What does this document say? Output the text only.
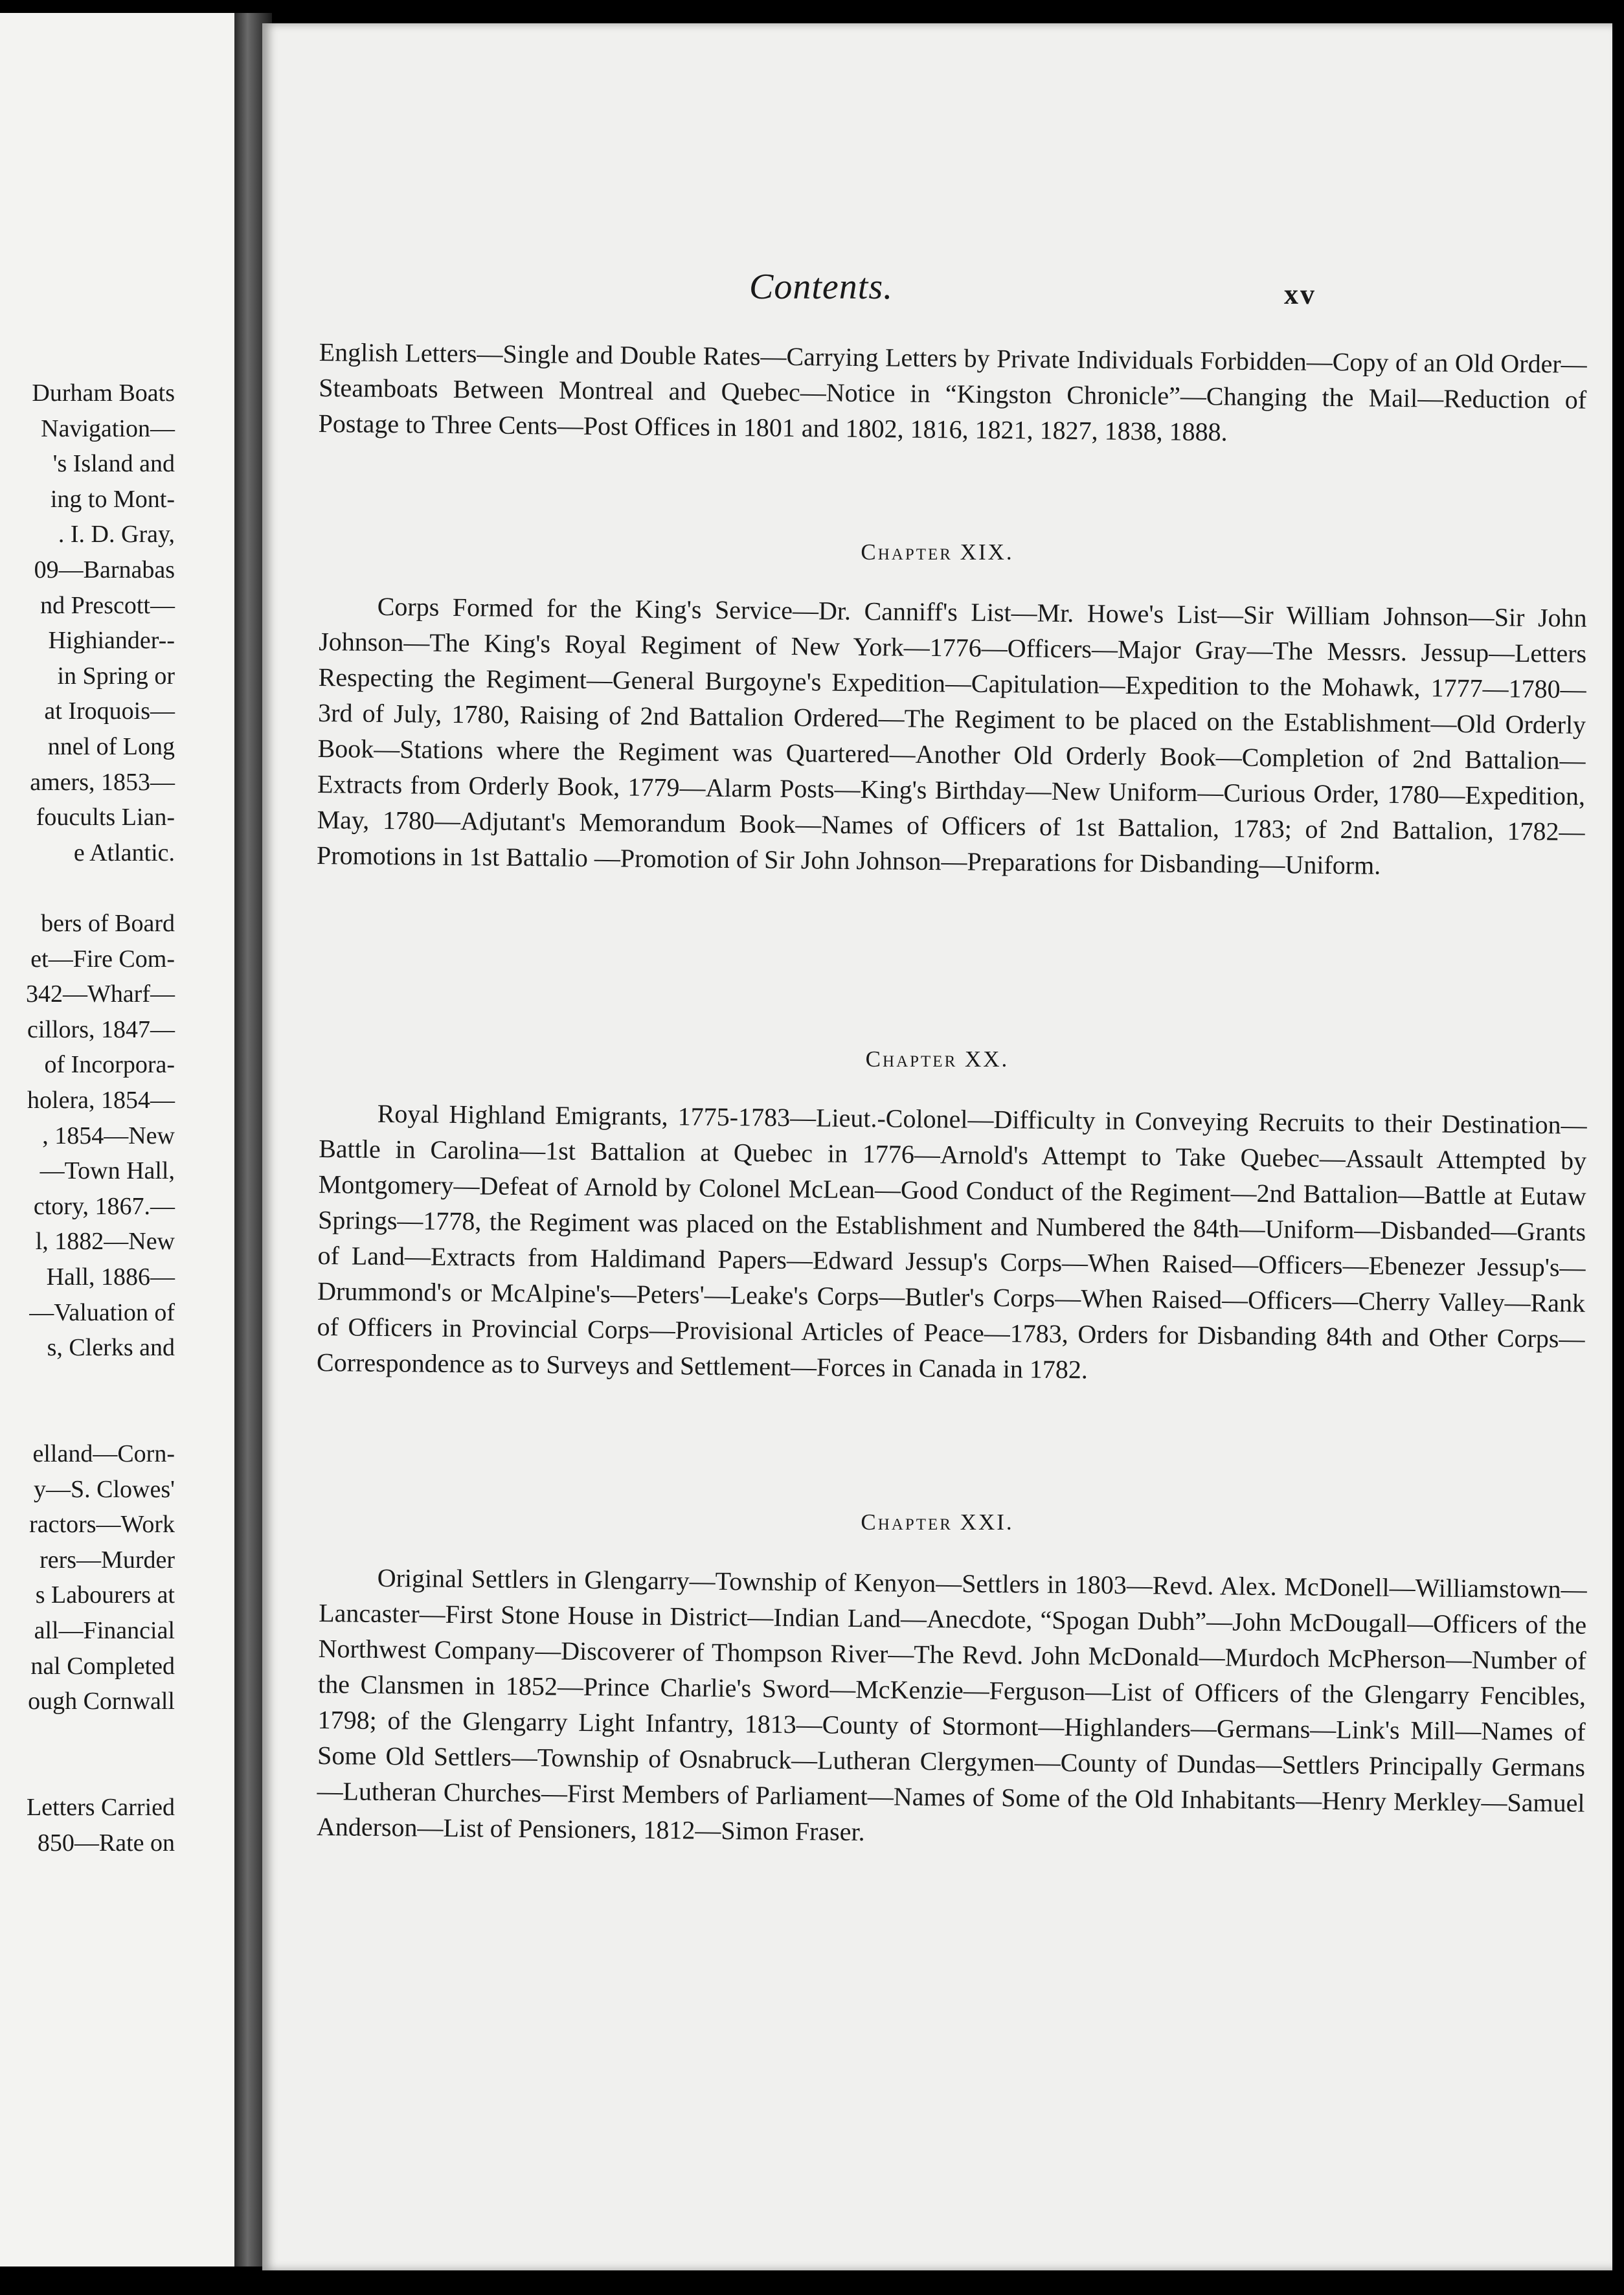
Durham Boats
Navigation—
's Island and
ing to Mont-
. I. D. Gray,
09—Barnabas
nd Prescott—
Highiander--
in Spring or
at Iroquois—
nnel of Long
amers, 1853—
foucults Lian-
e Atlantic.
bers of Board
et—Fire Com-
342—Wharf—
cillors, 1847—
of Incorpora-
holera, 1854—
, 1854—New
—Town Hall,
ctory, 1867.—
l, 1882—New
Hall, 1886—
—Valuation of
s, Clerks and
elland—Corn-
y—S. Clowes'
ractors—Work
rers—Murder
s Labourers at
all—Financial
nal Completed
ough Cornwall
Letters Carried
850—Rate on
Contents.	xv

English Letters—Single and Double Rates—Carrying Letters by Private Individuals Forbidden—Copy of an Old Order—Steamboats Between Montreal and Quebec—Notice in “Kingston Chronicle”—Changing the Mail—Reduction of Postage to Three Cents—Post Offices in 1801 and 1802, 1816, 1821, 1827, 1838, 1888.

Chapter XIX.

Corps Formed for the King's Service—Dr. Canniff's List—Mr. Howe's List—Sir William Johnson—Sir John Johnson—The King's Royal Regiment of New York—1776—Officers—Major Gray—The Messrs. Jessup—Letters Respecting the Regiment—General Burgoyne's Expedition—Capitulation—Expedition to the Mohawk, 1777—1780—3rd of July, 1780, Raising of 2nd Battalion Ordered—The Regiment to be placed on the Establishment—Old Orderly Book—Stations where the Regiment was Quartered—Another Old Orderly Book—Completion of 2nd Battalion—Extracts from Orderly Book, 1779—Alarm Posts—King's Birthday—New Uniform—Curious Order, 1780—Expedition, May, 1780—Adjutant's Memorandum Book—Names of Officers of 1st Battalion, 1783; of 2nd Battalion, 1782—Promotions in 1st Battalio —Promotion of Sir John Johnson—Preparations for Disbanding—Uniform.

Chapter XX.

Royal Highland Emigrants, 1775-1783—Lieut.-Colonel—Difficulty in Conveying Recruits to their Destination—Battle in Carolina—1st Battalion at Quebec in 1776—Arnold's Attempt to Take Quebec—Assault Attempted by Montgomery—Defeat of Arnold by Colonel McLean—Good Conduct of the Regiment—2nd Battalion—Battle at Eutaw Springs—1778, the Regiment was placed on the Establishment and Numbered the 84th—Uniform—Disbanded—Grants of Land—Extracts from Haldimand Papers—Edward Jessup's Corps—When Raised—Officers—Ebenezer Jessup's—Drummond's or McAlpine's—Peters'—Leake's Corps—Butler's Corps—When Raised—Officers—Cherry Valley—Rank of Officers in Provincial Corps—Provisional Articles of Peace—1783, Orders for Disbanding 84th and Other Corps—Correspondence as to Surveys and Settlement—Forces in Canada in 1782.

Chapter XXI.

Original Settlers in Glengarry—Township of Kenyon—Settlers in 1803—Revd. Alex. McDonell—Williamstown—Lancaster—First Stone House in District—Indian Land—Anecdote, “Spogan Dubh”—John McDougall—Officers of the Northwest Company—Discoverer of Thompson River—The Revd. John McDonald—Murdoch McPherson—Number of the Clansmen in 1852—Prince Charlie's Sword—McKenzie—Ferguson—List of Officers of the Glengarry Fencibles, 1798; of the Glengarry Light Infantry, 1813—County of Stormont—Highlanders—Germans—Link's Mill—Names of Some Old Settlers—Township of Osnabruck—Lutheran Clergymen—County of Dundas—Settlers Principally Germans—Lutheran Churches—First Members of Parliament—Names of Some of the Old Inhabitants—Henry Merkley—Samuel Anderson—List of Pensioners, 1812—Simon Fraser.
